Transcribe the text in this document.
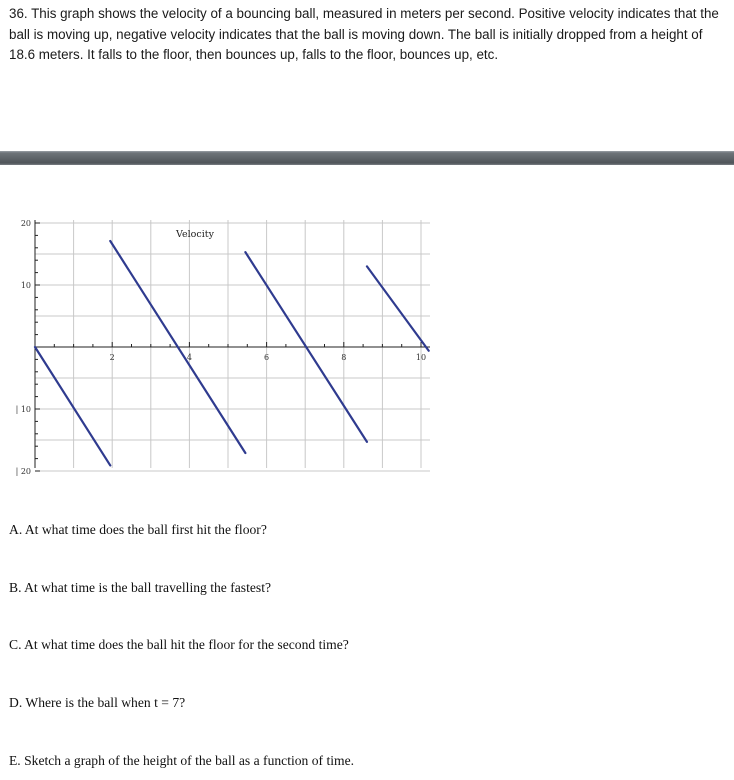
36. This graph shows the velocity of a bouncing ball, measured in meters per second. Positive velocity indicates that the ball is moving up, negative velocity indicates that the ball is moving down. The ball is initially dropped from a height of 18.6 meters. It falls to the floor, then bounces up, falls to the floor, bounces up, etc.
2	4	6	8	10
20
10
| 10
| 20
Velocity
A. At what time does the ball first hit the floor?
B. At what time is the ball travelling the fastest?
C. At what time does the ball hit the floor for the second time?
D. Where is the ball when t = 7?
E. Sketch a graph of the height of the ball as a function of time.
